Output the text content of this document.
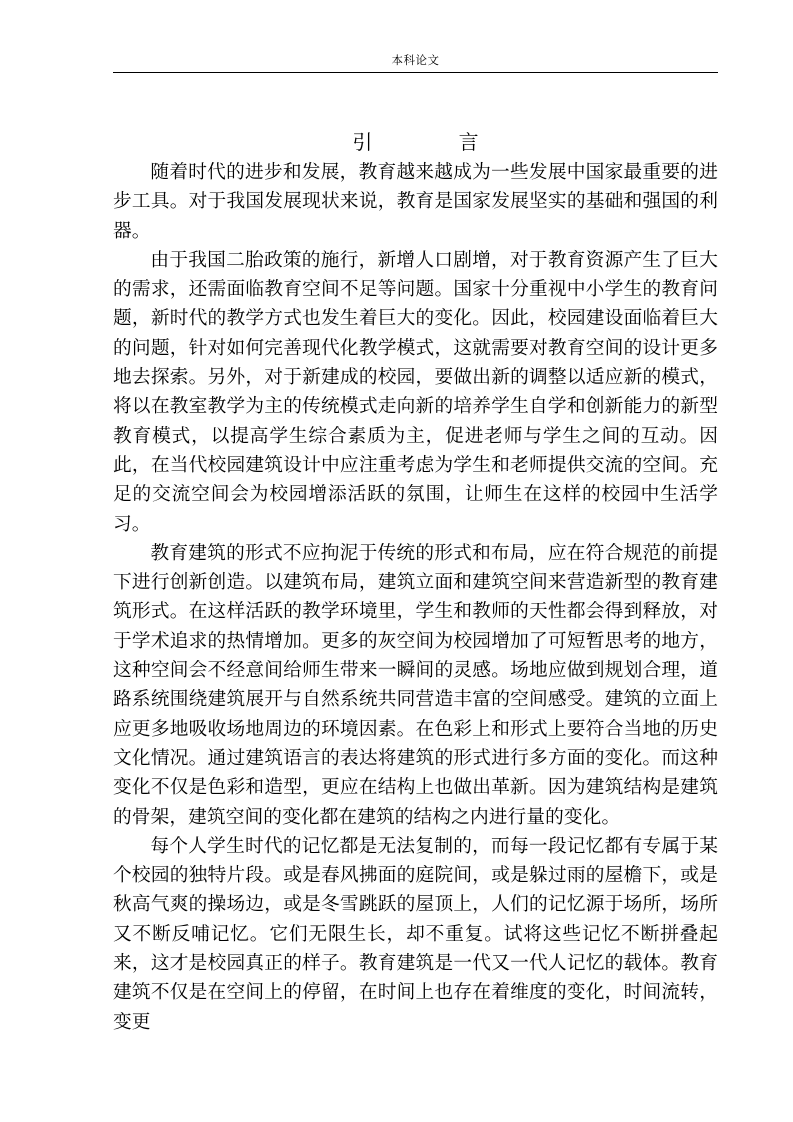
本科论文
引 言

随着时代的进步和发展，教育越来越成为一些发展中国家最重要的进步工具。对于我国发展现状来说，教育是国家发展坚实的基础和强国的利器。

由于我国二胎政策的施行，新增人口剧增，对于教育资源产生了巨大的需求，还需面临教育空间不足等问题。国家十分重视中小学生的教育问题，新时代的教学方式也发生着巨大的变化。因此，校园建设面临着巨大的问题，针对如何完善现代化教学模式，这就需要对教育空间的设计更多地去探索。另外，对于新建成的校园，要做出新的调整以适应新的模式，将以在教室教学为主的传统模式走向新的培养学生自学和创新能力的新型教育模式，以提高学生综合素质为主，促进老师与学生之间的互动。因此，在当代校园建筑设计中应注重考虑为学生和老师提供交流的空间。充足的交流空间会为校园增添活跃的氛围，让师生在这样的校园中生活学习。

教育建筑的形式不应拘泥于传统的形式和布局，应在符合规范的前提下进行创新创造。以建筑布局，建筑立面和建筑空间来营造新型的教育建筑形式。在这样活跃的教学环境里，学生和教师的天性都会得到释放，对于学术追求的热情增加。更多的灰空间为校园增加了可短暂思考的地方，这种空间会不经意间给师生带来一瞬间的灵感。场地应做到规划合理，道路系统围绕建筑展开与自然系统共同营造丰富的空间感受。建筑的立面上应更多地吸收场地周边的环境因素。在色彩上和形式上要符合当地的历史文化情况。通过建筑语言的表达将建筑的形式进行多方面的变化。而这种变化不仅是色彩和造型，更应在结构上也做出革新。因为建筑结构是建筑的骨架，建筑空间的变化都在建筑的结构之内进行量的变化。

每个人学生时代的记忆都是无法复制的，而每一段记忆都有专属于某个校园的独特片段。或是春风拂面的庭院间，或是躲过雨的屋檐下，或是秋高气爽的操场边，或是冬雪跳跃的屋顶上，人们的记忆源于场所，场所又不断反哺记忆。它们无限生长，却不重复。试将这些记忆不断拼叠起来，这才是校园真正的样子。教育建筑是一代又一代人记忆的载体。教育建筑不仅是在空间上的停留，在时间上也存在着维度的变化，时间流转，变更
